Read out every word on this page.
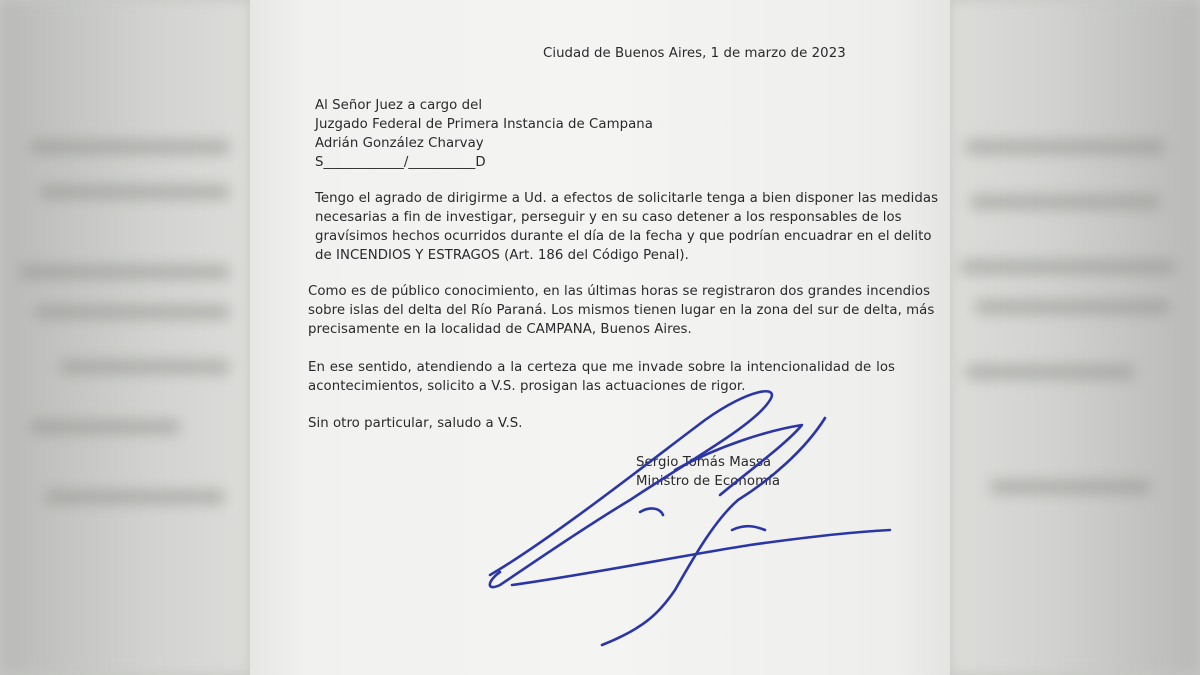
Ciudad de Buenos Aires, 1 de marzo de 2023

Al Señor Juez a cargo del

Juzgado Federal de Primera Instancia de Campana

Adrián González Charvay

S____________/__________D

Tengo el agrado de dirigirme a Ud. a efectos de solicitarle tenga a bien disponer las medidas

necesarias a fin de investigar, perseguir y en su caso detener a los responsables de los

gravísimos hechos ocurridos durante el día de la fecha y que podrían encuadrar en el delito

de INCENDIOS Y ESTRAGOS (Art. 186 del Código Penal).

Como es de público conocimiento, en las últimas horas se registraron dos grandes incendios

sobre islas del delta del Río Paraná. Los mismos tienen lugar en la zona del sur de delta, más

precisamente en la localidad de CAMPANA, Buenos Aires.

En ese sentido, atendiendo a la certeza que me invade sobre la intencionalidad de los

acontecimientos, solicito a V.S. prosigan las actuaciones de rigor.

Sin otro particular, saludo a V.S.

Sergio Tomás Massa

Ministro de Economía
